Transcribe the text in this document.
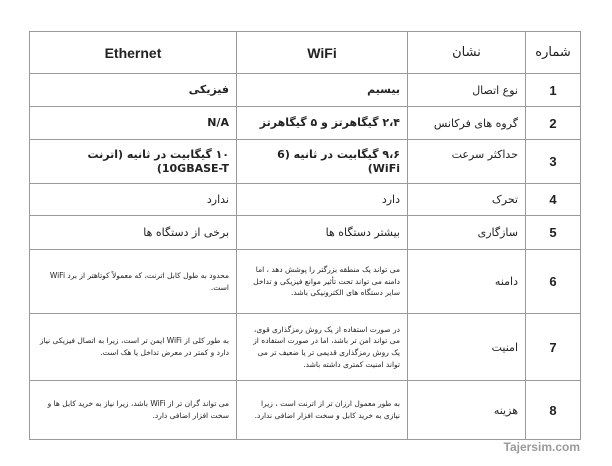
شماره	نشان	WiFi	Ethernet
1	نوع اتصال	بیسیم	فیزیکی
2	گروه های فرکانس	۲،۴ گیگاهرتز و ۵ گیگاهرتز	N/A
3	حداکثر سرعت	۹،۶ گیگابیت در ثانیه (6 WiFi)	۱۰ گیگابیت در ثانیه (اترنت 10GBASE-T)
4	تحرک	دارد	ندارد
5	سازگاری	بیشتر دستگاه ها	برخی از دستگاه ها
6	دامنه	می تواند یک منطقه بزرگتر را پوشش دهد ، اما دامنه می تواند تحت تأثیر موانع فیزیکی و تداخل سایر دستگاه های الکترونیکی باشد.	محدود به طول کابل اترنت، که معمولاً کوتاهتر از برد WiFi است.
7	امنیت	در صورت استفاده از یک روش رمزگذاری قوی، می تواند امن تر باشد، اما در صورت استفاده از یک روش رمزگذاری قدیمی تر یا ضعیف تر می تواند امنیت کمتری داشته باشد.	به طور کلی از WiFi ایمن تر است، زیرا به اتصال فیزیکی نیاز دارد و کمتر در معرض تداخل یا هک است.
8	هزینه	به طور معمول ارزان تر از اترنت است ، زیرا نیازی به خرید کابل و سخت افزار اضافی ندارد.	می تواند گران تر از WiFi باشد، زیرا نیاز به خرید کابل ها و سخت افزار اضافی دارد.
Tajersim.com
